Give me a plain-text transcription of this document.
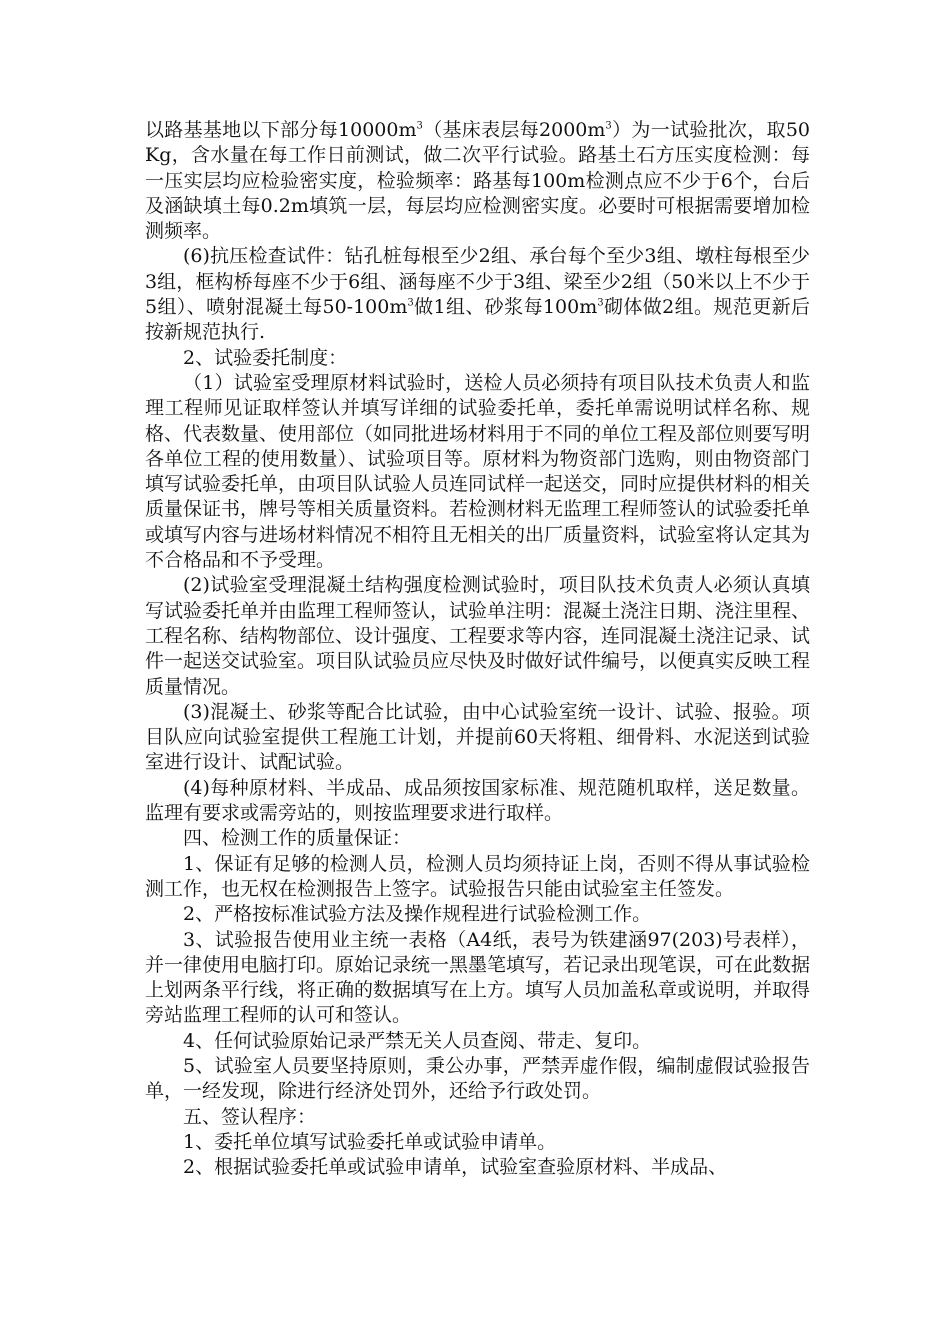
以路基基地以下部分每$10000m^3$（基床表层每$2000m^3$）为一试验批次，取50Kg，含水量在每工作日前测试，做二次平行试验。路基土石方压实度检测：每一压实层均应检验密实度，检验频率：路基每100m检测点应不少于6个，台后及涵缺填土每0.2m填筑一层，每层均应检测密实度。必要时可根据需要增加检测频率。

(6)抗压检查试件：钻孔桩每根至少2组、承台每个至少3组、墩柱每根至少3组，框构桥每座不少于6组、涵每座不少于3组、梁至少2组（50米以上不少于5组）、喷射混凝土每$50-100m^3$做1组、砂浆每$100m^3$砌体做2组。规范更新后按新规范执行.

2、试验委托制度：

（1）试验室受理原材料试验时，送检人员必须持有项目队技术负责人和监理工程师见证取样签认并填写详细的试验委托单，委托单需说明试样名称、规格、代表数量、使用部位（如同批进场材料用于不同的单位工程及部位则要写明各单位工程的使用数量）、试验项目等。原材料为物资部门选购，则由物资部门填写试验委托单，由项目队试验人员连同试样一起送交，同时应提供材料的相关质量保证书，牌号等相关质量资料。若检测材料无监理工程师签认的试验委托单或填写内容与进场材料情况不相符且无相关的出厂质量资料，试验室将认定其为不合格品和不予受理。

(2)试验室受理混凝土结构强度检测试验时，项目队技术负责人必须认真填写试验委托单并由监理工程师签认，试验单注明：混凝土浇注日期、浇注里程、工程名称、结构物部位、设计强度、工程要求等内容，连同混凝土浇注记录、试件一起送交试验室。项目队试验员应尽快及时做好试件编号，以便真实反映工程质量情况。

(3)混凝土、砂浆等配合比试验，由中心试验室统一设计、试验、报验。项目队应向试验室提供工程施工计划，并提前60天将粗、细骨料、水泥送到试验室进行设计、试配试验。

(4)每种原材料、半成品、成品须按国家标准、规范随机取样，送足数量。监理有要求或需旁站的，则按监理要求进行取样。

四、检测工作的质量保证：

1、保证有足够的检测人员，检测人员均须持证上岗，否则不得从事试验检测工作，也无权在检测报告上签字。试验报告只能由试验室主任签发。

2、严格按标准试验方法及操作规程进行试验检测工作。

3、试验报告使用业主统一表格（A4纸，表号为铁建涵97(203)号表样），并一律使用电脑打印。原始记录统一黑墨笔填写，若记录出现笔误，可在此数据上划两条平行线，将正确的数据填写在上方。填写人员加盖私章或说明，并取得旁站监理工程师的认可和签认。

4、任何试验原始记录严禁无关人员查阅、带走、复印。

5、试验室人员要坚持原则，秉公办事，严禁弄虚作假，编制虚假试验报告单，一经发现，除进行经济处罚外，还给予行政处罚。

五、签认程序：

1、委托单位填写试验委托单或试验申请单。

2、根据试验委托单或试验申请单，试验室查验原材料、半成品、
